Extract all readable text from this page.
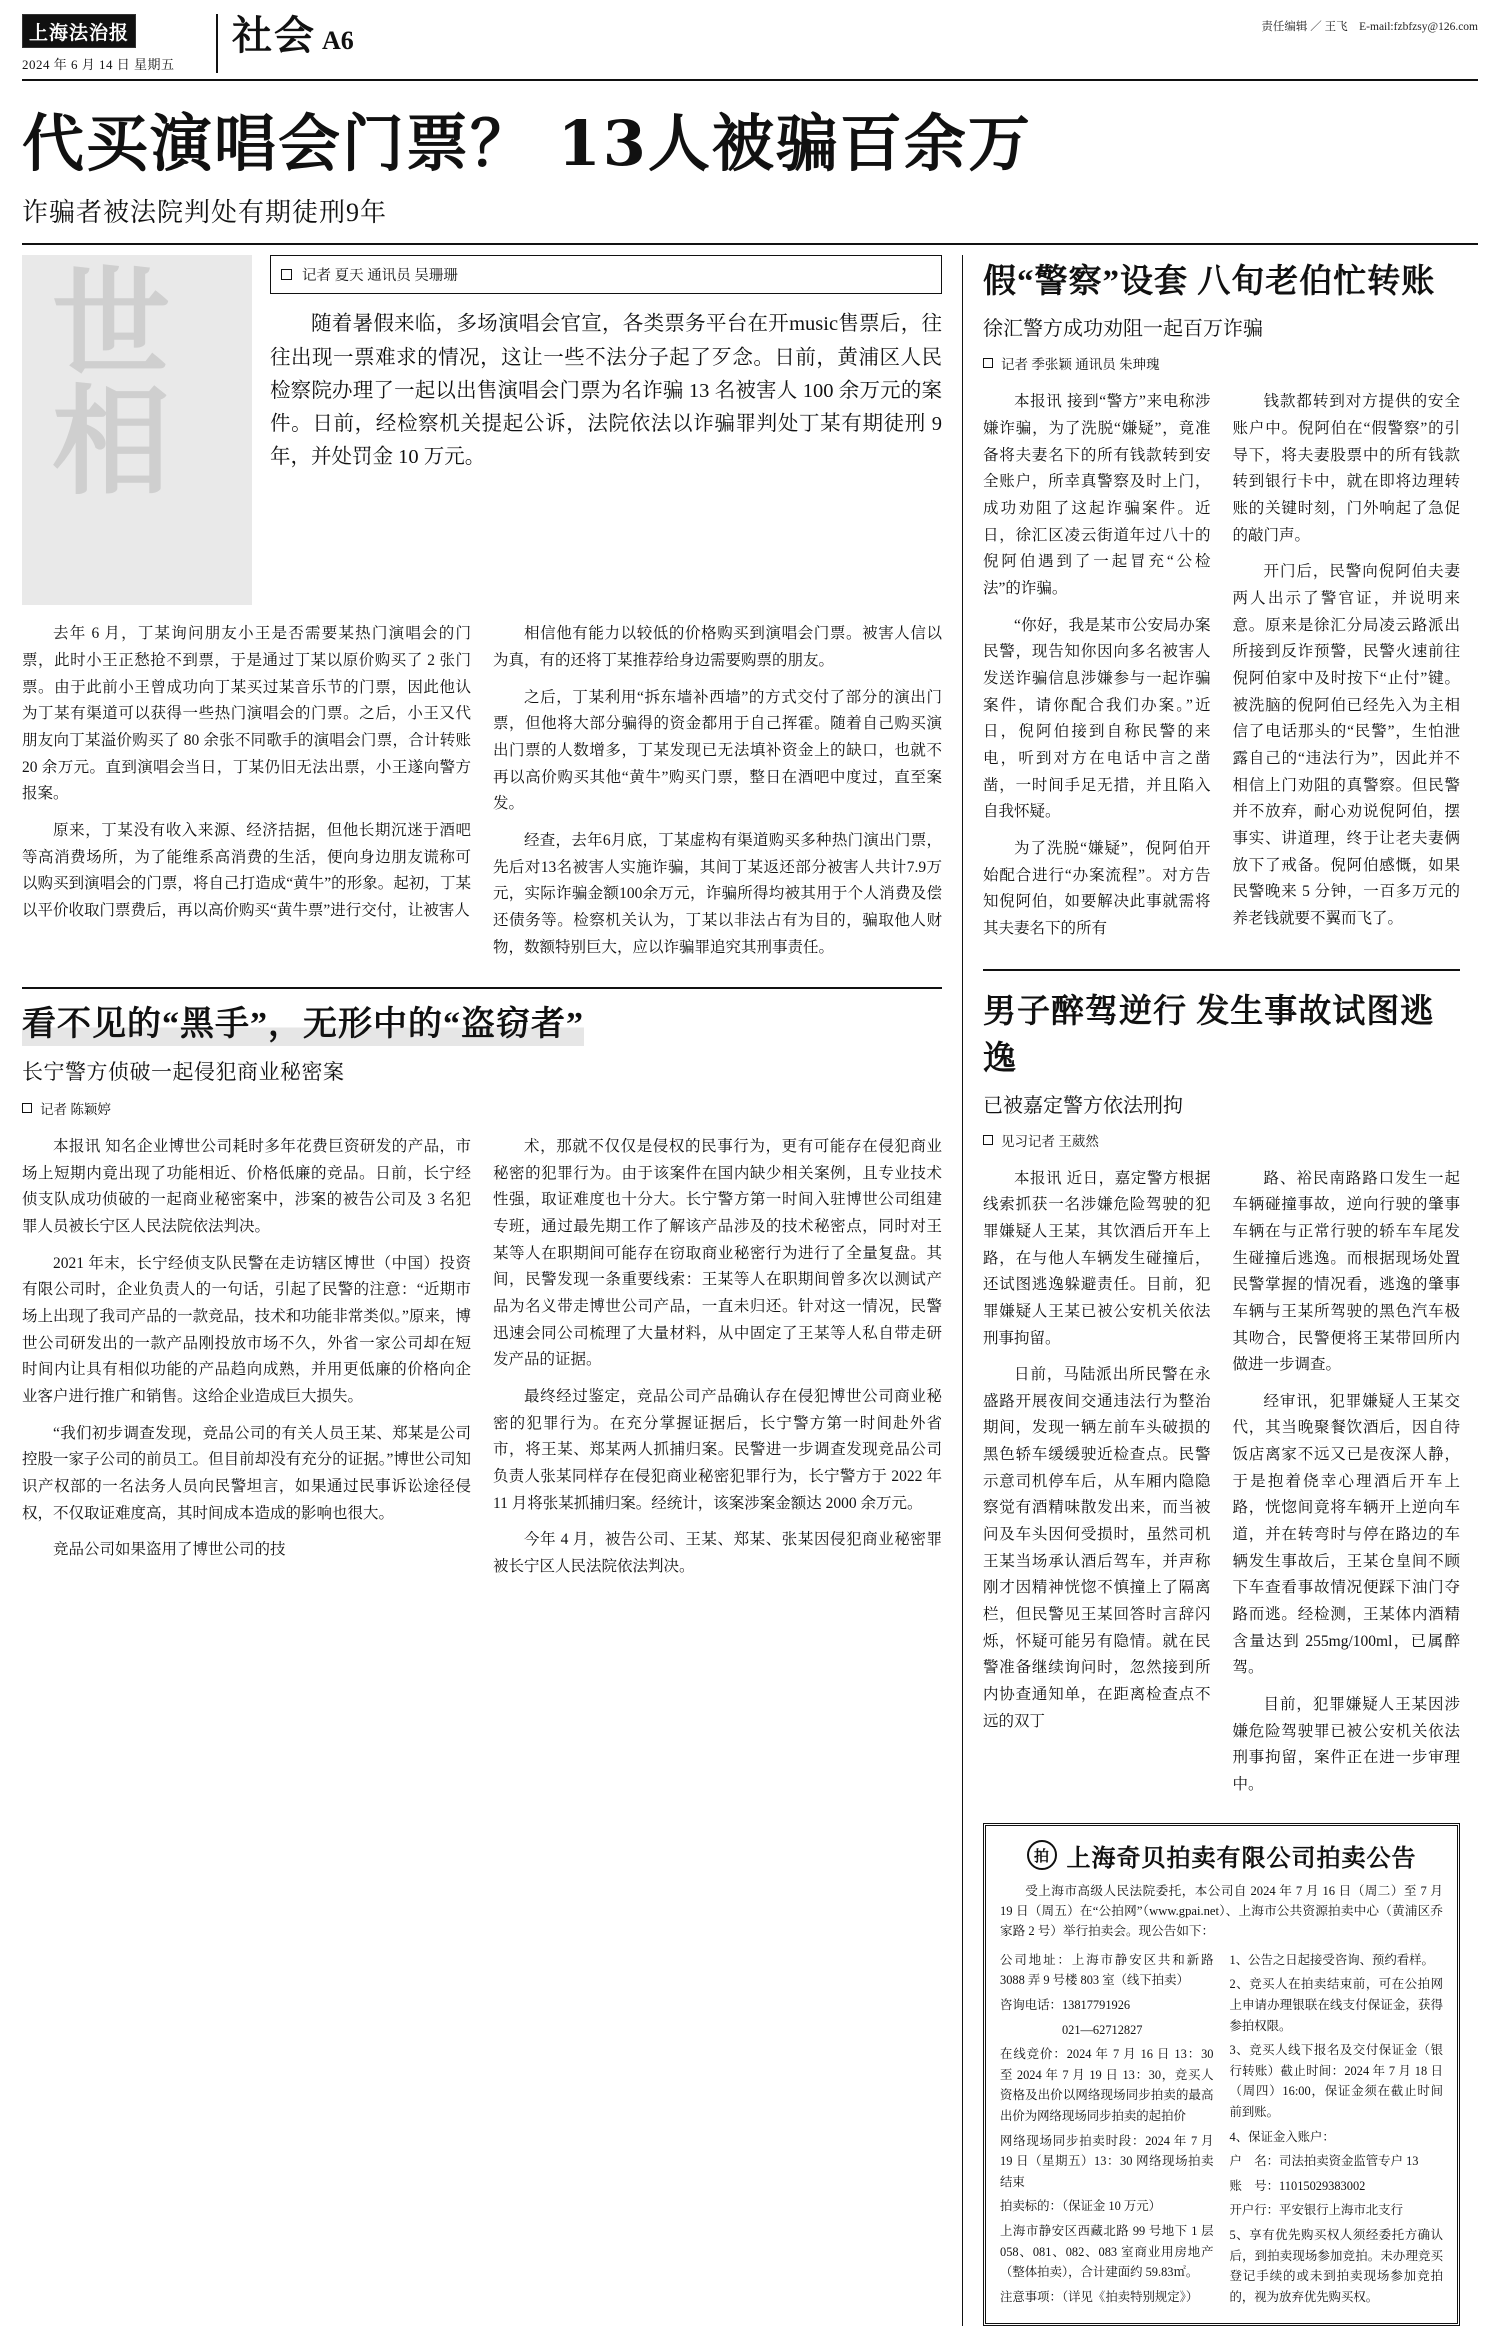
上海法治报
2024 年 6 月 14 日 星期五
社会 A6	责任编辑 ／ 王飞 E-mail:fzbfzsy@126.com
代买演唱会门票？ 13人被骗百余万
诈骗者被法院判处有期徒刑9年
世相	记者 夏天 通讯员 吴珊珊

随着暑假来临，多场演唱会官宣，各类票务平台在开music售票后，往往出现一票难求的情况，这让一些不法分子起了歹念。日前，黄浦区人民检察院办理了一起以出售演唱会门票为名诈骗 13 名被害人 100 余万元的案件。日前，经检察机关提起公诉，法院依法以诈骗罪判处丁某有期徒刑 9 年，并处罚金 10 万元。

去年 6 月，丁某询问朋友小王是否需要某热门演唱会的门票，此时小王正愁抢不到票，于是通过丁某以原价购买了 2 张门票。由于此前小王曾成功向丁某买过某音乐节的门票，因此他认为丁某有渠道可以获得一些热门演唱会的门票。之后，小王又代朋友向丁某溢价购买了 80 余张不同歌手的演唱会门票，合计转账 20 余万元。直到演唱会当日，丁某仍旧无法出票，小王遂向警方报案。

原来，丁某没有收入来源、经济拮据，但他长期沉迷于酒吧等高消费场所，为了能维系高消费的生活，便向身边朋友谎称可以购买到演唱会的门票，将自己打造成“黄牛”的形象。起初，丁某以平价收取门票费后，再以高价购买“黄牛票”进行交付，让被害人

相信他有能力以较低的价格购买到演唱会门票。被害人信以为真，有的还将丁某推荐给身边需要购票的朋友。

之后，丁某利用“拆东墙补西墙”的方式交付了部分的演出门票，但他将大部分骗得的资金都用于自己挥霍。随着自己购买演出门票的人数增多，丁某发现已无法填补资金上的缺口，也就不再以高价购买其他“黄牛”购买门票，整日在酒吧中度过，直至案发。

经查，去年6月底，丁某虚构有渠道购买多种热门演出门票，先后对13名被害人实施诈骗，其间丁某返还部分被害人共计7.9万元，实际诈骗金额100余万元，诈骗所得均被其用于个人消费及偿还债务等。检察机关认为，丁某以非法占有为目的，骗取他人财物，数额特别巨大，应以诈骗罪追究其刑事责任。

看不见的“黑手”，无形中的“盗窃者”
长宁警方侦破一起侵犯商业秘密案
记者 陈颖婷

本报讯 知名企业博世公司耗时多年花费巨资研发的产品，市场上短期内竟出现了功能相近、价格低廉的竞品。日前，长宁经侦支队成功侦破的一起商业秘密案中，涉案的被告公司及 3 名犯罪人员被长宁区人民法院依法判决。

2021 年末，长宁经侦支队民警在走访辖区博世（中国）投资有限公司时，企业负责人的一句话，引起了民警的注意：“近期市场上出现了我司产品的一款竞品，技术和功能非常类似。”原来，博世公司研发出的一款产品刚投放市场不久，外省一家公司却在短时间内让具有相似功能的产品趋向成熟，并用更低廉的价格向企业客户进行推广和销售。这给企业造成巨大损失。

“我们初步调查发现，竞品公司的有关人员王某、郑某是公司控股一家子公司的前员工。但目前却没有充分的证据。”博世公司知识产权部的一名法务人员向民警坦言，如果通过民事诉讼途径侵权，不仅取证难度高，其时间成本造成的影响也很大。

竞品公司如果盗用了博世公司的技

术，那就不仅仅是侵权的民事行为，更有可能存在侵犯商业秘密的犯罪行为。由于该案件在国内缺少相关案例，且专业技术性强，取证难度也十分大。长宁警方第一时间入驻博世公司组建专班，通过最先期工作了解该产品涉及的技术秘密点，同时对王某等人在职期间可能存在窃取商业秘密行为进行了全量复盘。其间，民警发现一条重要线索：王某等人在职期间曾多次以测试产品为名义带走博世公司产品，一直未归还。针对这一情况，民警迅速会同公司梳理了大量材料，从中固定了王某等人私自带走研发产品的证据。

最终经过鉴定，竞品公司产品确认存在侵犯博世公司商业秘密的犯罪行为。在充分掌握证据后，长宁警方第一时间赴外省市，将王某、郑某两人抓捕归案。民警进一步调查发现竞品公司负责人张某同样存在侵犯商业秘密犯罪行为，长宁警方于 2022 年 11 月将张某抓捕归案。经统计，该案涉案金额达 2000 余万元。

今年 4 月，被告公司、王某、郑某、张某因侵犯商业秘密罪被长宁区人民法院依法判决。

假“警察”设套 八旬老伯忙转账
徐汇警方成功劝阻一起百万诈骗
记者 季张颖 通讯员 朱珅瑰

本报讯 接到“警方”来电称涉嫌诈骗，为了洗脱“嫌疑”，竟准备将夫妻名下的所有钱款转到安全账户，所幸真警察及时上门，成功劝阻了这起诈骗案件。近日，徐汇区凌云街道年过八十的倪阿伯遇到了一起冒充“公检法”的诈骗。

“你好，我是某市公安局办案民警，现告知你因向多名被害人发送诈骗信息涉嫌参与一起诈骗案件，请你配合我们办案。”近日，倪阿伯接到自称民警的来电，听到对方在电话中言之凿凿，一时间手足无措，并且陷入自我怀疑。

为了洗脱“嫌疑”，倪阿伯开始配合进行“办案流程”。对方告知倪阿伯，如要解决此事就需将其夫妻名下的所有

钱款都转到对方提供的安全账户中。倪阿伯在“假警察”的引导下，将夫妻股票中的所有钱款转到银行卡中，就在即将边理转账的关键时刻，门外响起了急促的敲门声。

开门后，民警向倪阿伯夫妻两人出示了警官证，并说明来意。原来是徐汇分局凌云路派出所接到反诈预警，民警火速前往倪阿伯家中及时按下“止付”键。被洗脑的倪阿伯已经先入为主相信了电话那头的“民警”，生怕泄露自己的“违法行为”，因此并不相信上门劝阻的真警察。但民警并不放弃，耐心劝说倪阿伯，摆事实、讲道理，终于让老夫妻俩放下了戒备。倪阿伯感慨，如果民警晚来 5 分钟，一百多万元的养老钱就要不翼而飞了。

男子醉驾逆行 发生事故试图逃逸
已被嘉定警方依法刑拘
见习记者 王葳然

本报讯 近日，嘉定警方根据线索抓获一名涉嫌危险驾驶的犯罪嫌疑人王某，其饮酒后开车上路，在与他人车辆发生碰撞后，还试图逃逸躲避责任。目前，犯罪嫌疑人王某已被公安机关依法刑事拘留。

日前，马陆派出所民警在永盛路开展夜间交通违法行为整治期间，发现一辆左前车头破损的黑色轿车缓缓驶近检查点。民警示意司机停车后，从车厢内隐隐察觉有酒精味散发出来，而当被问及车头因何受损时，虽然司机王某当场承认酒后驾车，并声称刚才因精神恍惚不慎撞上了隔离栏，但民警见王某回答时言辞闪烁，怀疑可能另有隐情。就在民警准备继续询问时，忽然接到所内协查通知单，在距离检查点不远的双丁

路、裕民南路路口发生一起车辆碰撞事故，逆向行驶的肇事车辆在与正常行驶的轿车车尾发生碰撞后逃逸。而根据现场处置民警掌握的情况看，逃逸的肇事车辆与王某所驾驶的黑色汽车极其吻合，民警便将王某带回所内做进一步调查。

经审讯，犯罪嫌疑人王某交代，其当晚聚餐饮酒后，因自待饭店离家不远又已是夜深人静，于是抱着侥幸心理酒后开车上路，恍惚间竟将车辆开上逆向车道，并在转弯时与停在路边的车辆发生事故后，王某仓皇间不顾下车查看事故情况便踩下油门夺路而逃。经检测，王某体内酒精含量达到 255mg/100ml，已属醉驾。

目前，犯罪嫌疑人王某因涉嫌危险驾驶罪已被公安机关依法刑事拘留，案件正在进一步审理中。

拍 上海奇贝拍卖有限公司拍卖公告

受上海市高级人民法院委托，本公司自 2024 年 7 月 16 日（周二）至 7 月 19 日（周五）在“公拍网”（www.gpai.net）、上海市公共资源拍卖中心（黄浦区乔家路 2 号）举行拍卖会。现公告如下：

公司地址：上海市静安区共和新路 3088 弄 9 号楼 803 室（线下拍卖）

咨询电话：13817791926

　　　　　021—62712827

在线竞价：2024 年 7 月 16 日 13：30 至 2024 年 7 月 19 日 13：30，竞买人资格及出价以网络现场同步拍卖的最高出价为网络现场同步拍卖的起拍价

网络现场同步拍卖时段：2024 年 7 月 19 日（星期五）13：30 网络现场拍卖结束

拍卖标的：（保证金 10 万元）

上海市静安区西藏北路 99 号地下 1 层 058、081、082、083 室商业用房地产（整体拍卖），合计建面约 59.83㎡。

注意事项：（详见《拍卖特别规定》）

1、公告之日起接受咨询、预约看样。

2、竞买人在拍卖结束前，可在公拍网上申请办理银联在线支付保证金，获得参拍权限。

3、竞买人线下报名及交付保证金（银行转账）截止时间：2024 年 7 月 18 日（周四）16:00，保证金须在截止时间前到账。

4、保证金入账户：

户　名：司法拍卖资金监管专户 13

账　号：11015029383002

开户行：平安银行上海市北支行

5、享有优先购买权人须经委托方确认后，到拍卖现场参加竞拍。未办理竞买登记手续的或未到拍卖现场参加竞拍的，视为放弃优先购买权。
